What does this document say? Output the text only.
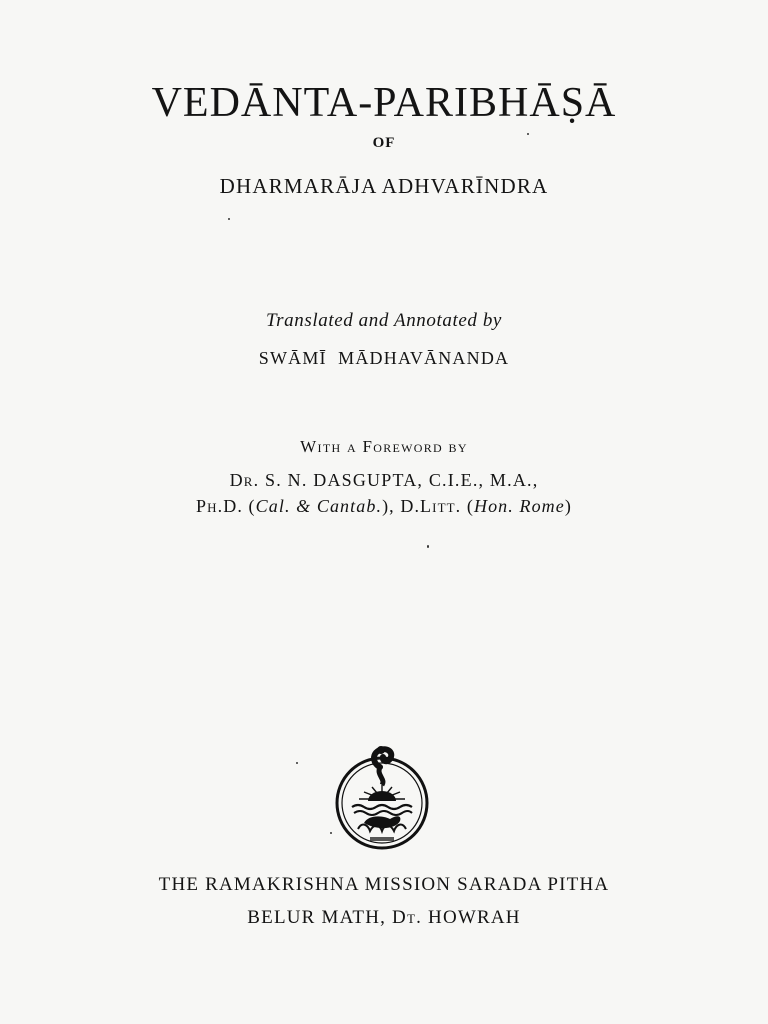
VEDĀNTA-PARIBHĀṢĀ
OF
DHARMARĀJA ADHVARĪNDRA
Translated and Annotated by
SWĀMĪ  MĀDHAVĀNANDA
With a Foreword by
Dr. S. N. DASGUPTA, C.I.E., M.A.,
Ph.D. (Cal. & Cantab.), D.Litt. (Hon. Rome)
THE RAMAKRISHNA MISSION SARADA PITHA
BELUR MATH, Dt. HOWRAH
